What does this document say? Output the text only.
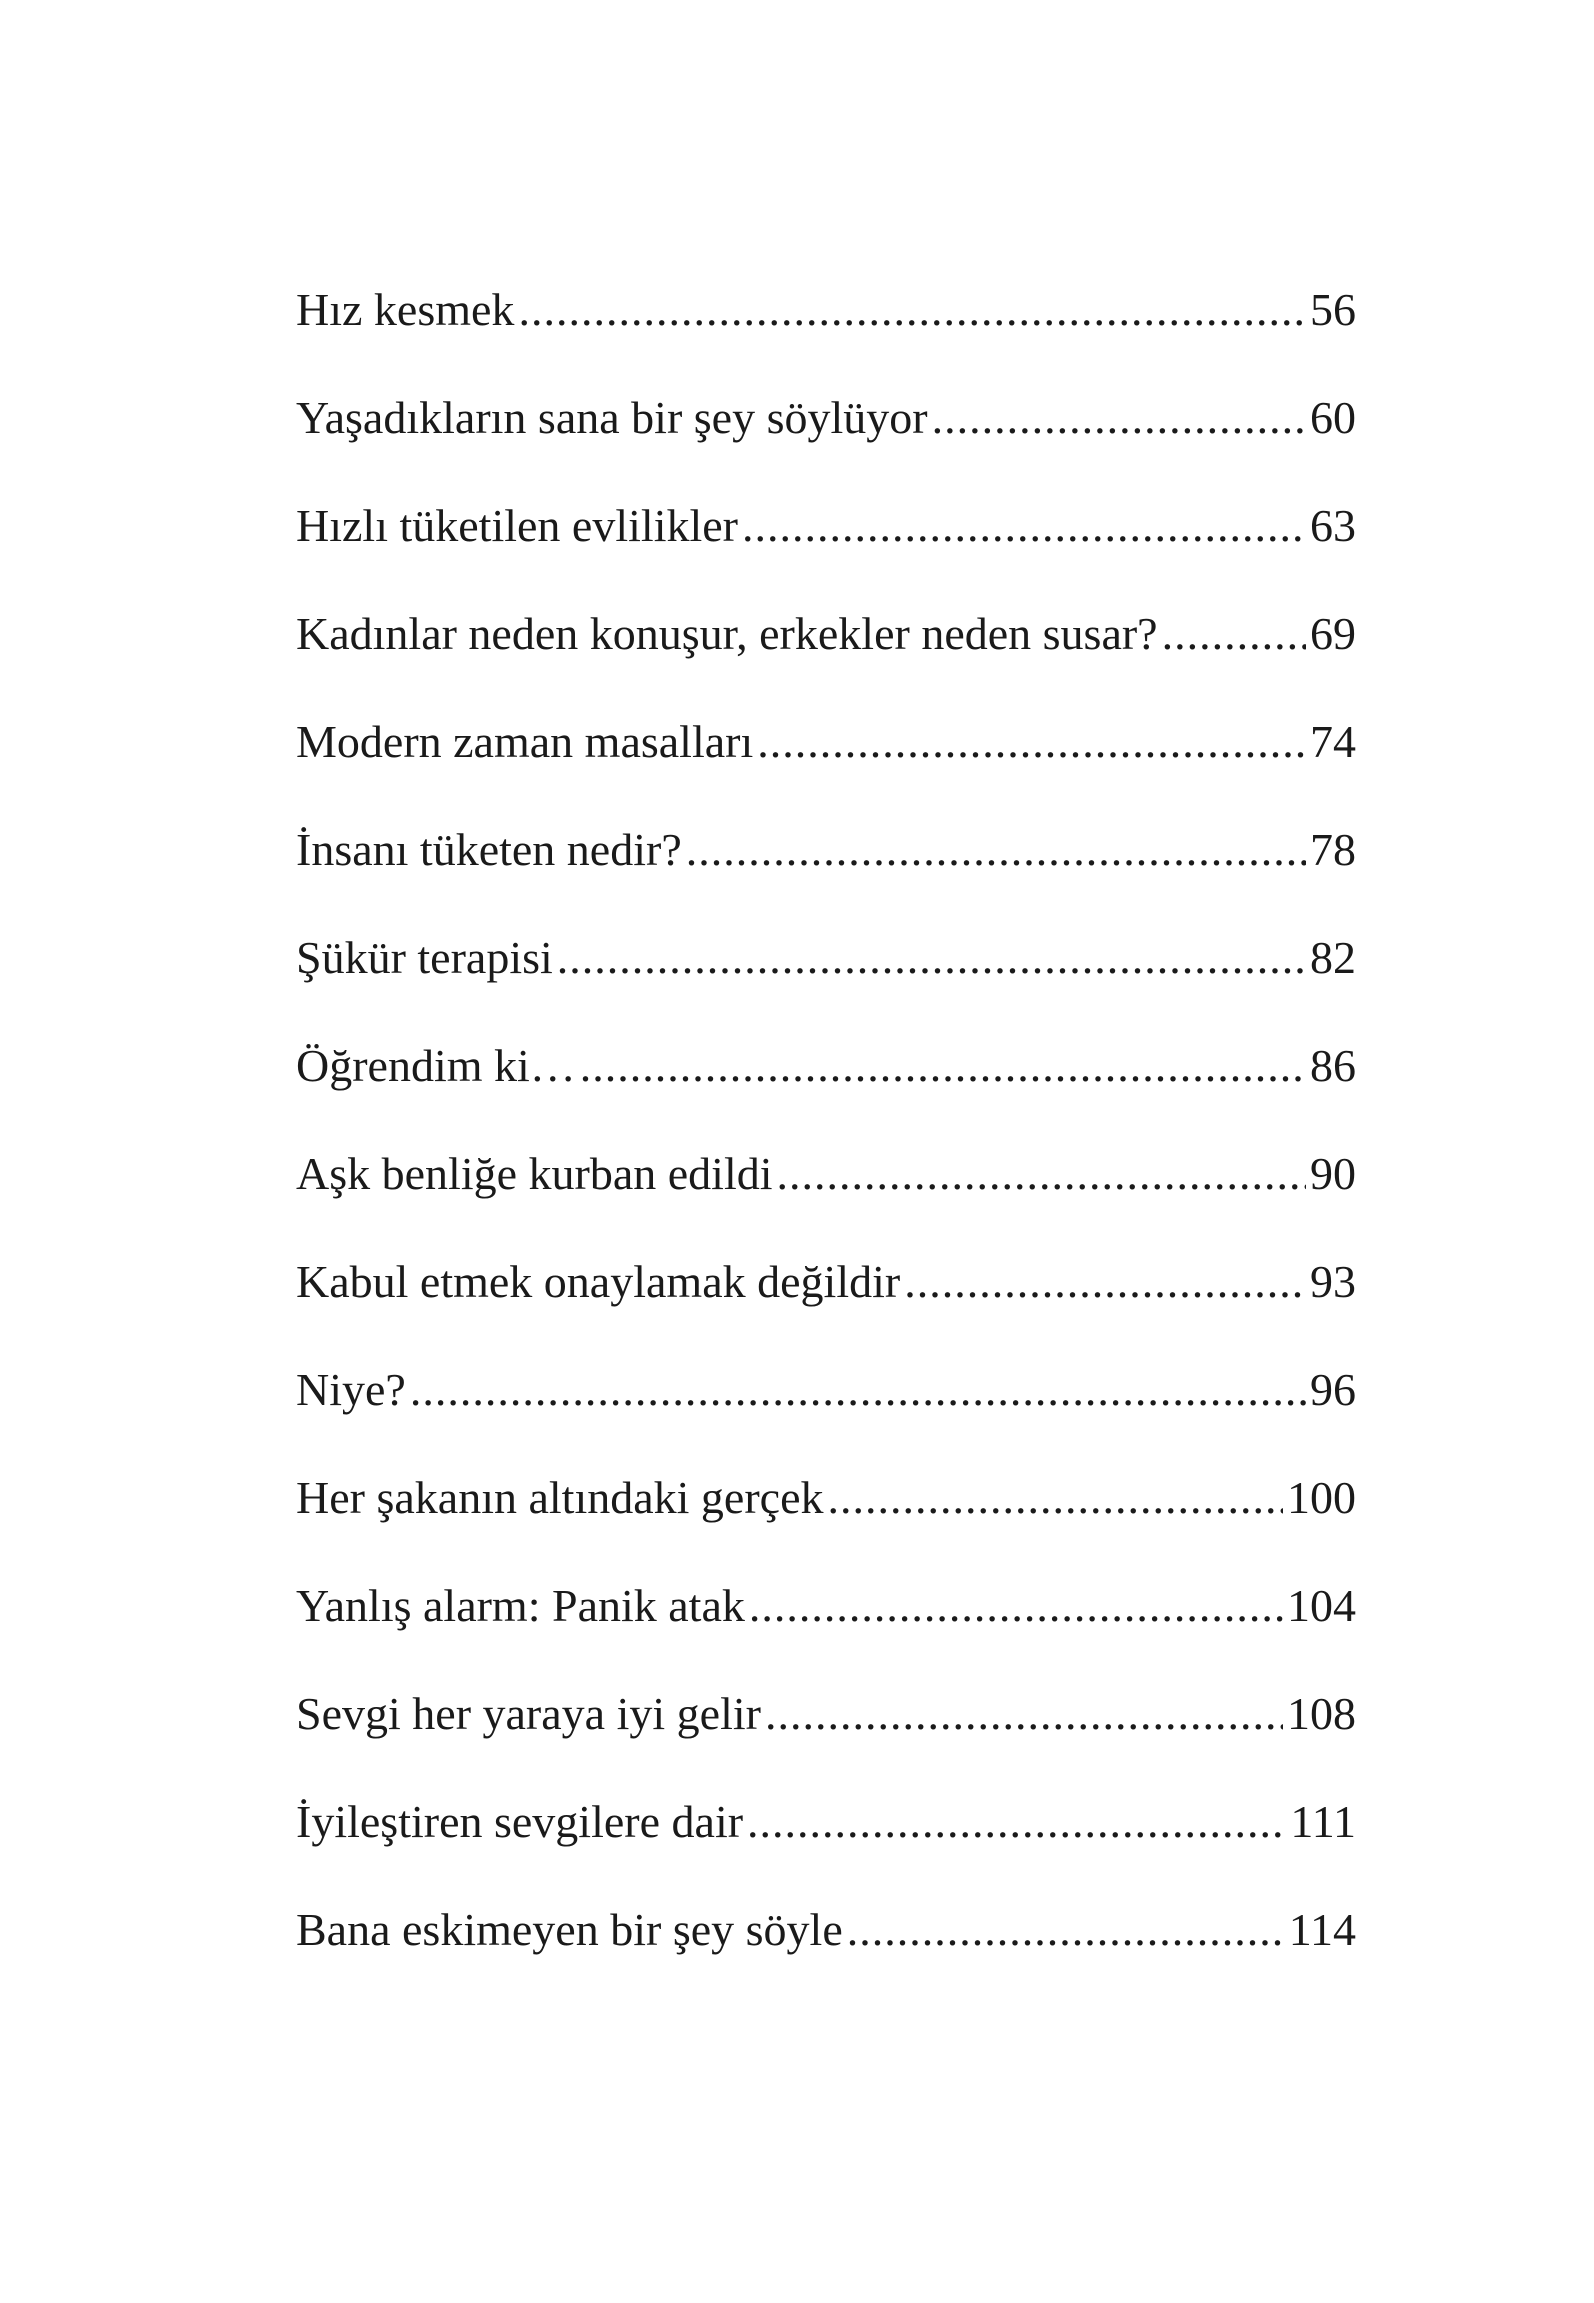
Hız kesmek .....	56
Yaşadıkların sana bir şey söylüyor .....	60
Hızlı tüketilen evlilikler .....	63
Kadınlar neden konuşur, erkekler neden susar? .....	69
Modern zaman masalları .....	74
İnsanı tüketen nedir? .....	78
Şükür terapisi .....	82
Öğrendim ki… .....	86
Aşk benliğe kurban edildi .....	90
Kabul etmek onaylamak değildir .....	93
Niye? .....	96
Her şakanın altındaki gerçek .....	100
Yanlış alarm: Panik atak .....	104
Sevgi her yaraya iyi gelir .....	108
İyileştiren sevgilere dair .....	111
Bana eskimeyen bir şey söyle .....	114
